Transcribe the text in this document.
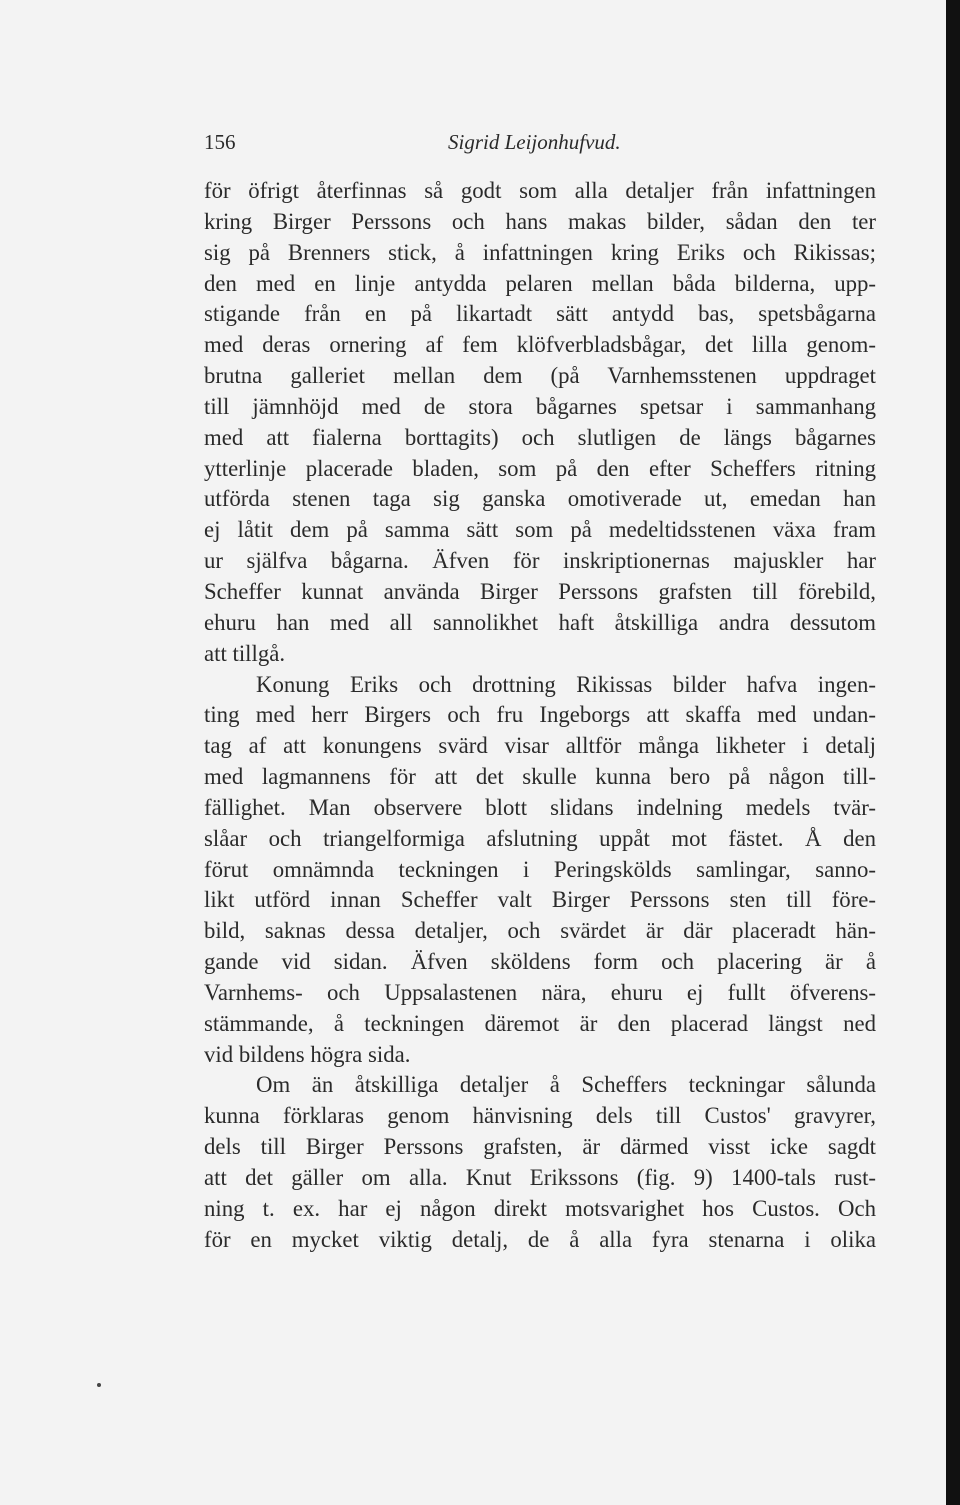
156	Sigrid Leijonhufvud.
för öfrigt återfinnas så godt som alla detaljer från infattningen
kring Birger Perssons och hans makas bilder, sådan den ter
sig på Brenners stick, å infattningen kring Eriks och Rikissas;
den med en linje antydda pelaren mellan båda bilderna, upp-
stigande från en på likartadt sätt antydd bas, spetsbågarna
med deras ornering af fem klöfverbladsbågar, det lilla genom-
brutna galleriet mellan dem (på Varnhemsstenen uppdraget
till jämnhöjd med de stora bågarnes spetsar i sammanhang
med att fialerna borttagits) och slutligen de längs bågarnes
ytterlinje placerade bladen, som på den efter Scheffers ritning
utförda stenen taga sig ganska omotiverade ut, emedan han
ej låtit dem på samma sätt som på medeltidsstenen växa fram
ur själfva bågarna. Äfven för inskriptionernas majuskler har
Scheffer kunnat använda Birger Perssons grafsten till förebild,
ehuru han med all sannolikhet haft åtskilliga andra dessutom
att tillgå.
Konung Eriks och drottning Rikissas bilder hafva ingen-
ting med herr Birgers och fru Ingeborgs att skaffa med undan-
tag af att konungens svärd visar alltför många likheter i detalj
med lagmannens för att det skulle kunna bero på någon till-
fällighet. Man observere blott slidans indelning medels tvär-
slåar och triangelformiga afslutning uppåt mot fästet. Å den
förut omnämnda teckningen i Peringskölds samlingar, sanno-
likt utförd innan Scheffer valt Birger Perssons sten till före-
bild, saknas dessa detaljer, och svärdet är där placeradt hän-
gande vid sidan. Äfven sköldens form och placering är å
Varnhems- och Uppsalastenen nära, ehuru ej fullt öfverens-
stämmande, å teckningen däremot är den placerad längst ned
vid bildens högra sida.
Om än åtskilliga detaljer å Scheffers teckningar sålunda
kunna förklaras genom hänvisning dels till Custos' gravyrer,
dels till Birger Perssons grafsten, är därmed visst icke sagdt
att det gäller om alla. Knut Erikssons (fig. 9) 1400-tals rust-
ning t. ex. har ej någon direkt motsvarighet hos Custos. Och
för en mycket viktig detalj, de å alla fyra stenarna i olika
